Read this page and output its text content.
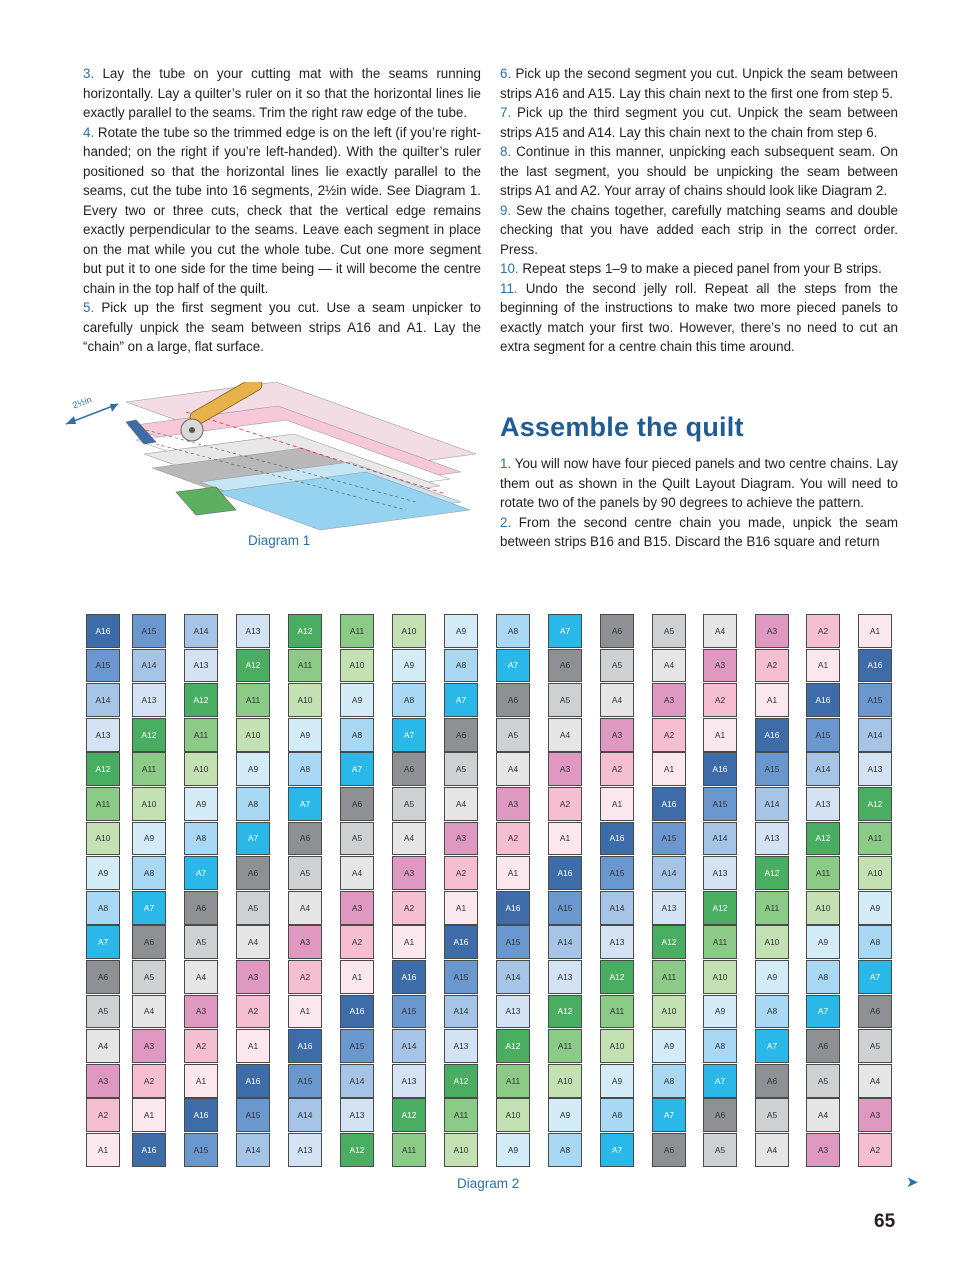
3. Lay the tube on your cutting mat with the seams running horizontally. Lay a quilter’s ruler on it so that the horizontal lines lie exactly parallel to the seams. Trim the right raw edge of the tube.

4. Rotate the tube so the trimmed edge is on the left (if you’re right-handed; on the right if you’re left-handed). With the quilter’s ruler positioned so that the horizontal lines lie exactly parallel to the seams, cut the tube into 16 segments, 2½in wide. See Diagram 1. Every two or three cuts, check that the vertical edge remains exactly perpendicular to the seams. Leave each segment in place on the mat while you cut the whole tube. Cut one more segment but put it to one side for the time being — it will become the centre chain in the top half of the quilt.

5. Pick up the first segment you cut. Use a seam unpicker to carefully unpick the seam between strips A16 and A1. Lay the “chain” on a large, flat surface.

6. Pick up the second segment you cut. Unpick the seam between strips A16 and A15. Lay this chain next to the first one from step 5.

7. Pick up the third segment you cut. Unpick the seam between strips A15 and A14. Lay this chain next to the chain from step 6.

8. Continue in this manner, unpicking each subsequent seam. On the last segment, you should be unpicking the seam between strips A1 and A2. Your array of chains should look like Diagram 2.

9. Sew the chains together, carefully matching seams and double checking that you have added each strip in the correct order. Press.

10. Repeat steps 1–9 to make a pieced panel from your B strips.

11. Undo the second jelly roll. Repeat all the steps from the beginning of the instructions to make two more pieced panels to exactly match your first two. However, there’s no need to cut an extra segment for a centre chain this time around.

Assemble the quilt

1. You will now have four pieced panels and two centre chains. Lay them out as shown in the Quilt Layout Diagram. You will need to rotate two of the panels by 90 degrees to achieve the pattern.

2. From the second centre chain you made, unpick the seam between strips B16 and B15. Discard the B16 square and return

2½in
Diagram 1
A16
A15
A14
A13
A12
A11
A10
A9
A8
A7
A6
A5
A4
A3
A2
A1
A15
A14
A13
A12
A11
A10
A9
A8
A7
A6
A5
A4
A3
A2
A1
A16
A14
A13
A12
A11
A10
A9
A8
A7
A6
A5
A4
A3
A2
A1
A16
A15
A13
A12
A11
A10
A9
A8
A7
A6
A5
A4
A3
A2
A1
A16
A15
A14
A12
A11
A10
A9
A8
A7
A6
A5
A4
A3
A2
A1
A16
A15
A14
A13
A11
A10
A9
A8
A7
A6
A5
A4
A3
A2
A1
A16
A15
A14
A13
A12
A10
A9
A8
A7
A6
A5
A4
A3
A2
A1
A16
A15
A14
A13
A12
A11
A9
A8
A7
A6
A5
A4
A3
A2
A1
A16
A15
A14
A13
A12
A11
A10
A8
A7
A6
A5
A4
A3
A2
A1
A16
A15
A14
A13
A12
A11
A10
A9
A7
A6
A5
A4
A3
A2
A1
A16
A15
A14
A13
A12
A11
A10
A9
A8
A6
A5
A4
A3
A2
A1
A16
A15
A14
A13
A12
A11
A10
A9
A8
A7
A5
A4
A3
A2
A1
A16
A15
A14
A13
A12
A11
A10
A9
A8
A7
A6
A4
A3
A2
A1
A16
A15
A14
A13
A12
A11
A10
A9
A8
A7
A6
A5
A3
A2
A1
A16
A15
A14
A13
A12
A11
A10
A9
A8
A7
A6
A5
A4
A2
A1
A16
A15
A14
A13
A12
A11
A10
A9
A8
A7
A6
A5
A4
A3
A1
A16
A15
A14
A13
A12
A11
A10
A9
A8
A7
A6
A5
A4
A3
A2
Diagram 2	➤
65
